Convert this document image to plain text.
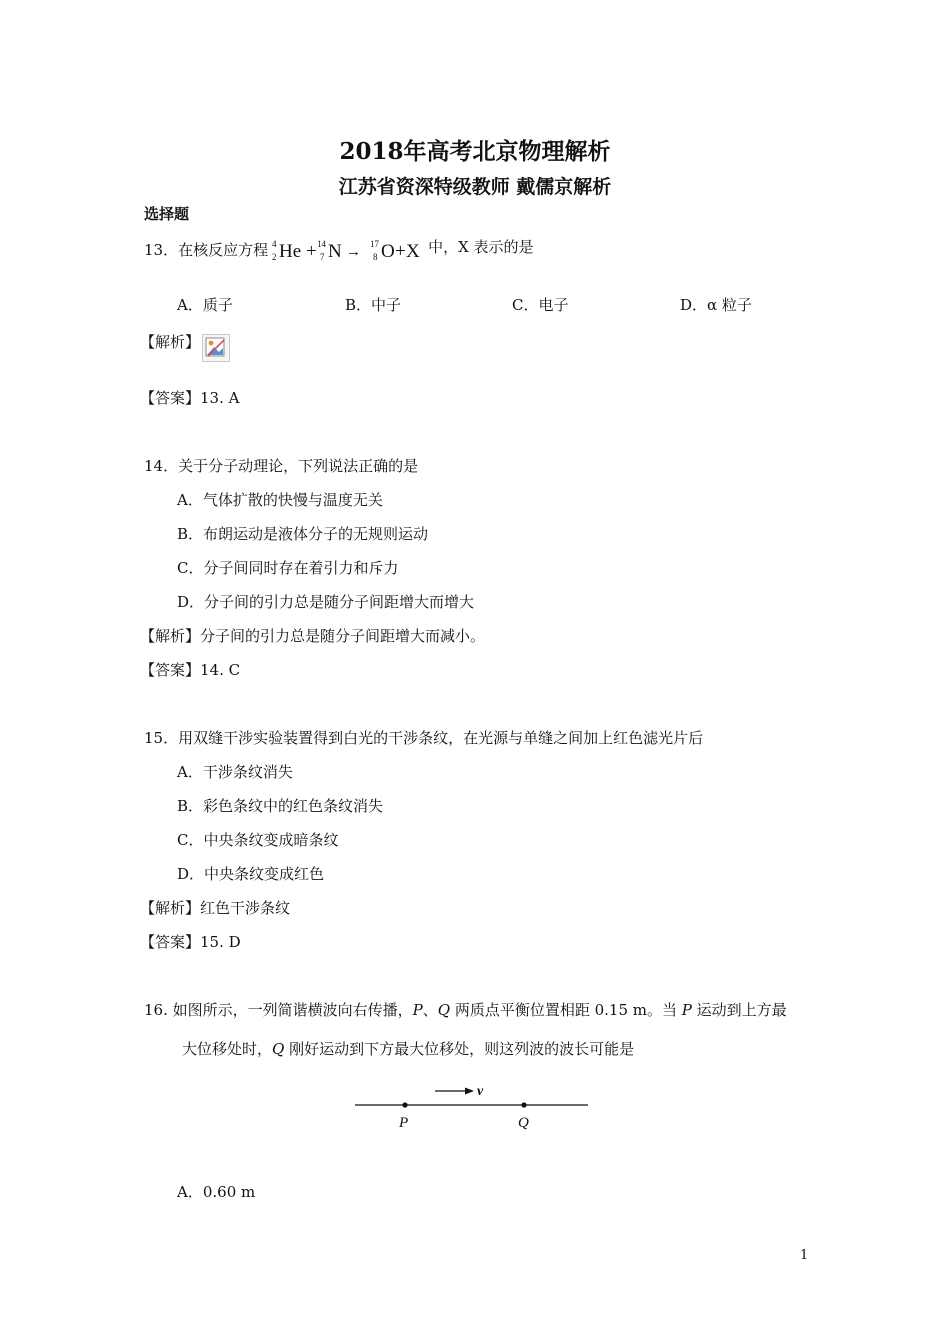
2018年高考北京物理解析
江苏省资深特级教师 戴儒京解析
选择题
13．在核反应方程 4
2 He + 14
7 N → 17
8 O + X 中，X 表示的是
A．质子	B．中子	C．电子	D．α 粒子
【解析】
【答案】13. A
14．关于分子动理论，下列说法正确的是
A．气体扩散的快慢与温度无关
B．布朗运动是液体分子的无规则运动
C．分子间同时存在着引力和斥力
D．分子间的引力总是随分子间距增大而增大
【解析】分子间的引力总是随分子间距增大而减小。
【答案】14. C
15．用双缝干涉实验装置得到白光的干涉条纹，在光源与单缝之间加上红色滤光片后
A．干涉条纹消失
B．彩色条纹中的红色条纹消失
C．中央条纹变成暗条纹
D．中央条纹变成红色
【解析】红色干涉条纹
【答案】15. D
16. 如图所示，一列简谐横波向右传播，P、Q 两质点平衡位置相距 0.15 m。当 P 运动到上方最
大位移处时，Q 刚好运动到下方最大位移处，则这列波的波长可能是
v
P	Q
A．0.60 m
1
